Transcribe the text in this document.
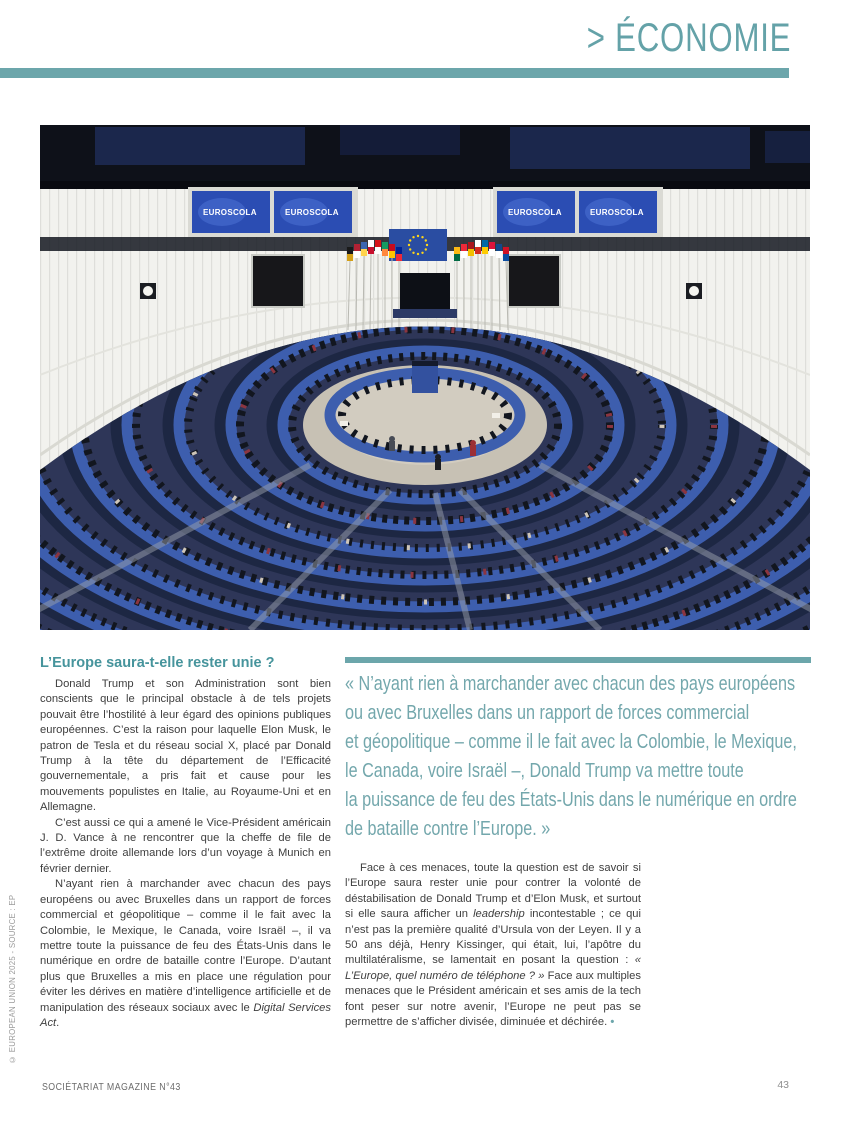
> ÉCONOMIE
EUROSCOLA	EUROSCOLA	EUROSCOLA	EUROSCOLA
© EUROPEAN UNION 2025 - SOURCE : EP
L’Europe saura-t-elle rester unie ?

Donald Trump et son Administration sont bien conscients que le principal obstacle à de tels projets pouvait être l’hostilité à leur égard des opinions publiques européennes. C’est la raison pour laquelle Elon Musk, le patron de Tesla et du réseau social X, placé par Donald Trump à la tête du département de l’Efficacité gouvernementale, a pris fait et cause pour les mouvements populistes en Italie, au Royaume-Uni et en Allemagne.

C’est aussi ce qui a amené le Vice-Président américain J. D. Vance à ne rencontrer que la cheffe de file de l’extrême droite allemande lors d’un voyage à Munich en février dernier.

N’ayant rien à marchander avec chacun des pays européens ou avec Bruxelles dans un rapport de forces commercial et géopolitique – comme il le fait avec la Colombie, le Mexique, le Canada, voire Israël –, il va mettre toute la puissance de feu des États-Unis dans le numérique en ordre de bataille contre l’Europe. D’autant plus que Bruxelles a mis en place une régulation pour éviter les dérives en matière d’intelligence artificielle et de manipulation des réseaux sociaux avec le Digital Services Act.

« N’ayant rien à marchander avec chacun des pays européens
ou avec Bruxelles dans un rapport de forces commercial
et géopolitique – comme il le fait avec la Colombie, le Mexique,
le Canada, voire Israël –, Donald Trump va mettre toute
la puissance de feu des États-Unis dans le numérique en ordre
de bataille contre l’Europe. »

Face à ces menaces, toute la question est de savoir si l’Europe saura rester unie pour contrer la volonté de déstabilisation de Donald Trump et d’Elon Musk, et surtout si elle saura afficher un leadership incontestable ; ce qui n’est pas la première qualité d’Ursula von der Leyen. Il y a 50 ans déjà, Henry Kissinger, qui était, lui, l’apôtre du multilatéralisme, se lamentait en posant la question : « L’Europe, quel numéro de téléphone ? » Face aux multiples menaces que le Président américain et ses amis de la tech font peser sur notre avenir, l’Europe ne peut pas se permettre de s’afficher divisée, diminuée et déchirée. •

SOCIÉTARIAT MAGAZINE N°43	43
